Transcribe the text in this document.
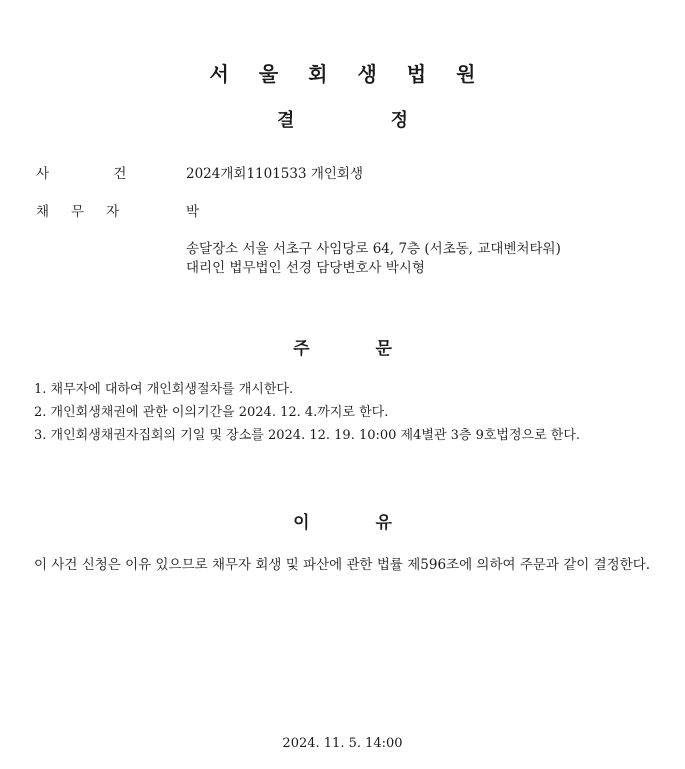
서울회생법원
결 정
사 건	2024개회1101533 개인회생
채무자	박
송달장소 서울 서초구 사임당로 64, 7층 (서초동, 교대벤처타워)
대리인 법무법인 선경 담당변호사 박시형
주 문
1. 채무자에 대하여 개인회생절차를 개시한다.
2. 개인회생채권에 관한 이의기간을 2024. 12. 4.까지로 한다.
3. 개인회생채권자집회의 기일 및 장소를 2024. 12. 19. 10:00 제4별관 3층 9호법정으로 한다.
이 유
이 사건 신청은 이유 있으므로 채무자 회생 및 파산에 관한 법률 제596조에 의하여 주문과 같이 결정한다.
2024. 11. 5. 14:00
